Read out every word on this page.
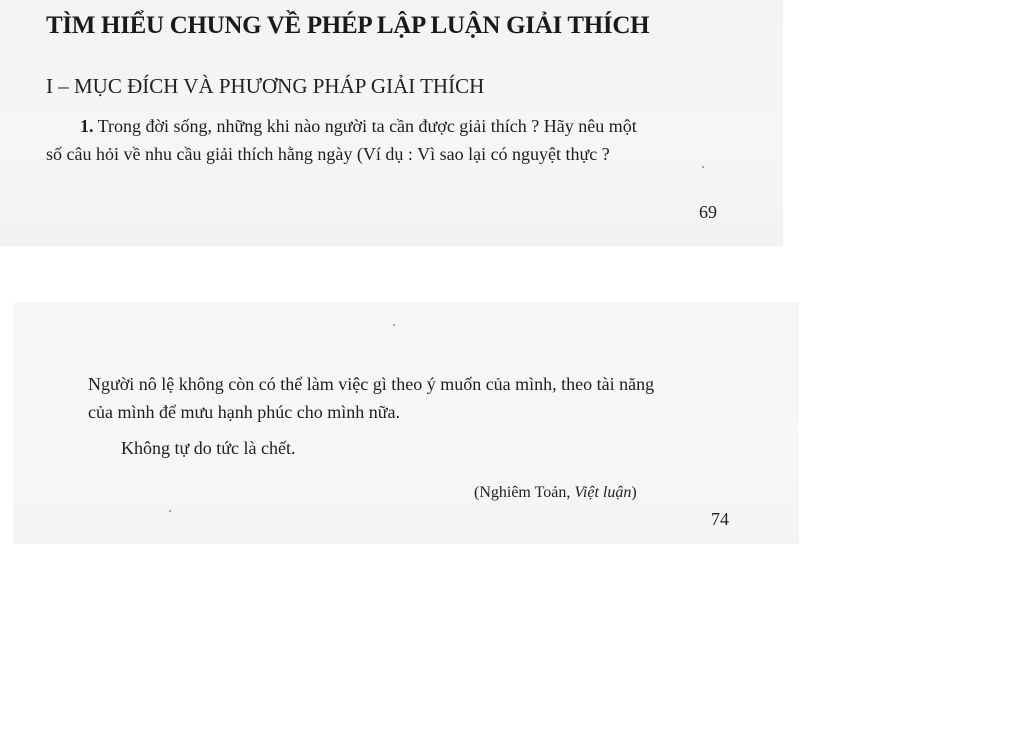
TÌM HIỂU CHUNG VỀ PHÉP LẬP LUẬN GIẢI THÍCH
I – MỤC ĐÍCH VÀ PHƯƠNG PHÁP GIẢI THÍCH
1. Trong đời sống, những khi nào người ta cần được giải thích ? Hãy nêu một
số câu hỏi về nhu cầu giải thích hằng ngày (Ví dụ : Vì sao lại có nguyệt thực ?
69
Người nô lệ không còn có thể làm việc gì theo ý muốn của mình, theo tài năng
của mình để mưu hạnh phúc cho mình nữa.
Không tự do tức là chết.
(Nghiêm Toản, Việt luận)
74
